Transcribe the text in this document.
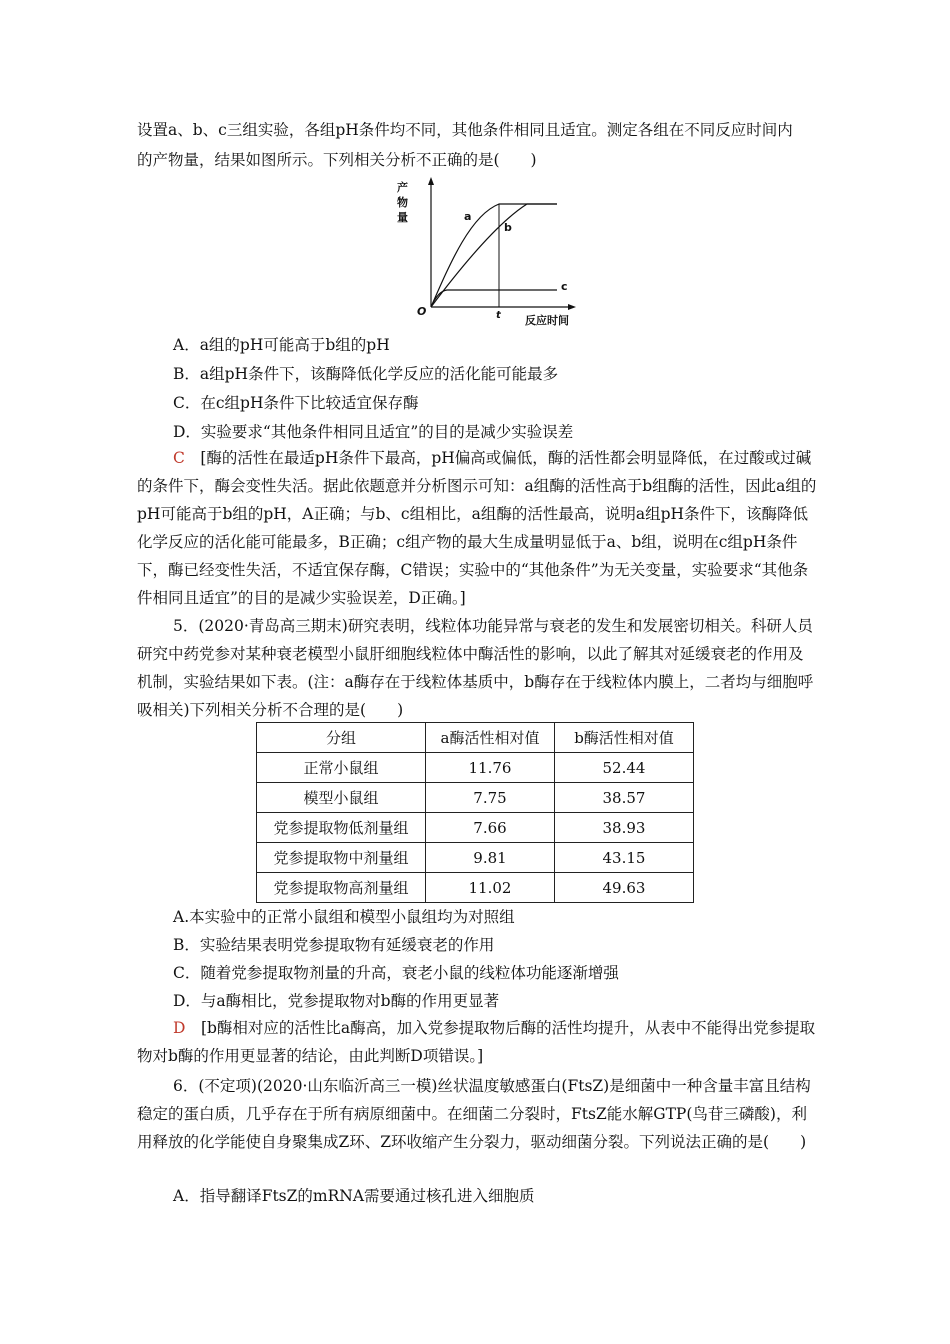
设置a、b、c三组实验，各组pH条件均不同，其他条件相同且适宜。测定各组在不同反应时间内

的产物量，结果如图所示。下列相关分析不正确的是(　　)

产
物
量	a
b
c
O	t 反应时间

A．a组的pH可能高于b组的pH

B．a组pH条件下，该酶降低化学反应的活化能可能最多

C．在c组pH条件下比较适宜保存酶

D．实验要求“其他条件相同且适宜”的目的是减少实验误差

C  [酶的活性在最适pH条件下最高，pH偏高或偏低，酶的活性都会明显降低，在过酸或过碱的条件下，酶会变性失活。据此依题意并分析图示可知：a组酶的活性高于b组酶的活性，因此a组的pH可能高于b组的pH，A正确；与b、c组相比，a组酶的活性最高，说明a组pH条件下，该酶降低化学反应的活化能可能最多，B正确；c组产物的最大生成量明显低于a、b组，说明在c组pH条件下，酶已经变性失活，不适宜保存酶，C错误；实验中的“其他条件”为无关变量，实验要求“其他条件相同且适宜”的目的是减少实验误差，D正确。]

5．(2020·青岛高三期末)研究表明，线粒体功能异常与衰老的发生和发展密切相关。科研人员研究中药党参对某种衰老模型小鼠肝细胞线粒体中酶活性的影响，以此了解其对延缓衰老的作用及机制，实验结果如下表。(注：a酶存在于线粒体基质中，b酶存在于线粒体内膜上，二者均与细胞呼吸相关)下列相关分析不合理的是(　　)

分组	a酶活性相对值	b酶活性相对值
正常小鼠组	11.76	52.44
模型小鼠组	7.75	38.57
党参提取物低剂量组	7.66	38.93
党参提取物中剂量组	9.81	43.15
党参提取物高剂量组	11.02	49.63

A.本实验中的正常小鼠组和模型小鼠组均为对照组

B．实验结果表明党参提取物有延缓衰老的作用

C．随着党参提取物剂量的升高，衰老小鼠的线粒体功能逐渐增强

D．与a酶相比，党参提取物对b酶的作用更显著

D  [b酶相对应的活性比a酶高，加入党参提取物后酶的活性均提升，从表中不能得出党参提取物对b酶的作用更显著的结论，由此判断D项错误。]

6．(不定项)(2020·山东临沂高三一模)丝状温度敏感蛋白(FtsZ)是细菌中一种含量丰富且结构稳定的蛋白质，几乎存在于所有病原细菌中。在细菌二分裂时，FtsZ能水解GTP(鸟苷三磷酸)，利用释放的化学能使自身聚集成Z环、Z环收缩产生分裂力，驱动细菌分裂。下列说法正确的是(　　)

A．指导翻译FtsZ的mRNA需要通过核孔进入细胞质
